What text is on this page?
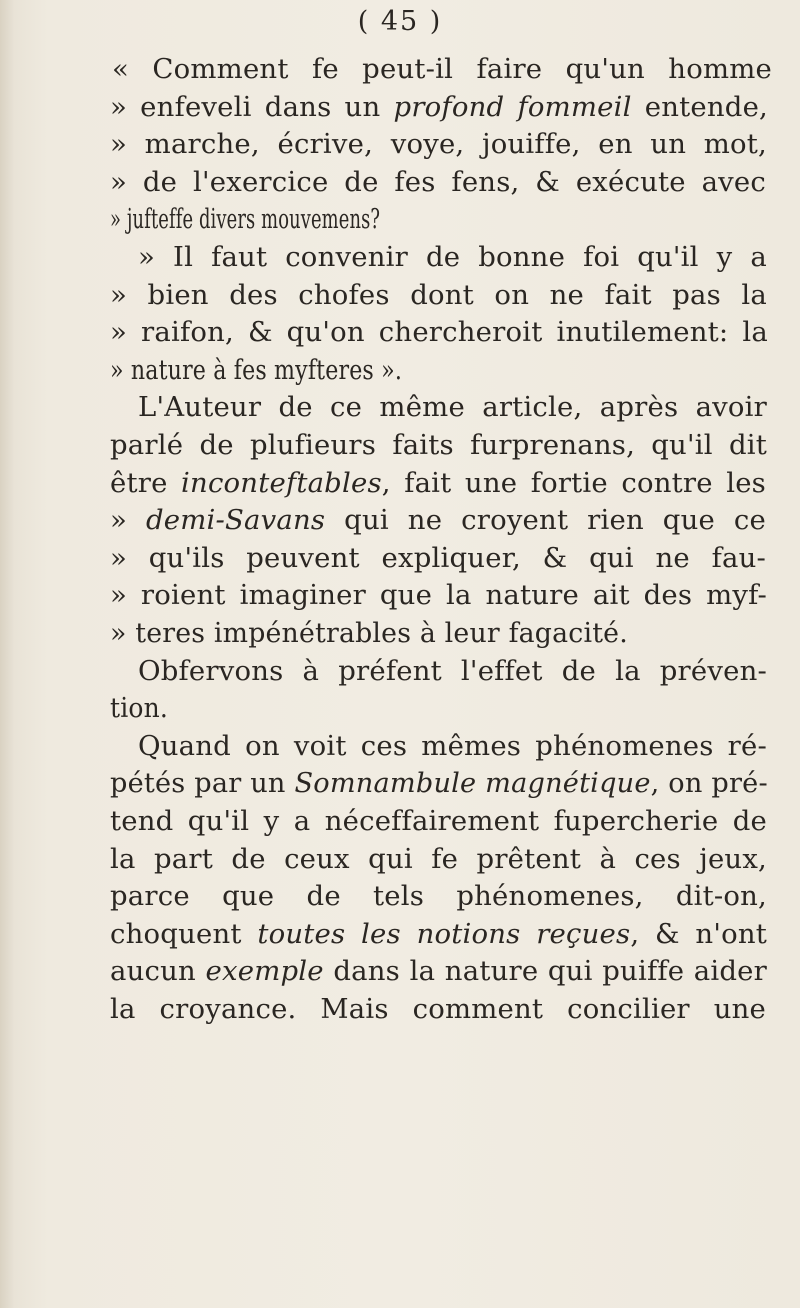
( 45 )
« Comment fe peut-il faire qu'un homme
» enfeveli dans un profond fommeil entende,
» marche, écrive, voye, jouiffe, en un mot,
» de l'exercice de fes fens, & exécute avec
» jufteffe divers mouvemens?
» Il faut convenir de bonne foi qu'il y a
» bien des chofes dont on ne fait pas la
» raifon, & qu'on chercheroit inutilement: la
» nature à fes myfteres ».
L'Auteur de ce même article, après avoir
parlé de plufieurs faits furprenans, qu'il dit
être inconteftables, fait une fortie contre les
» demi-Savans qui ne croyent rien que ce
» qu'ils peuvent expliquer, & qui ne fau-
» roient imaginer que la nature ait des myf-
» teres impénétrables à leur fagacité.
Obfervons à préfent l'effet de la préven-
tion.
Quand on voit ces mêmes phénomenes ré-
pétés par un Somnambule magnétique, on pré-
tend qu'il y a néceffairement fupercherie de
la part de ceux qui fe prêtent à ces jeux,
parce que de tels phénomenes, dit-on,
choquent toutes les notions reçues, & n'ont
aucun exemple dans la nature qui puiffe aider
la croyance. Mais comment concilier une
